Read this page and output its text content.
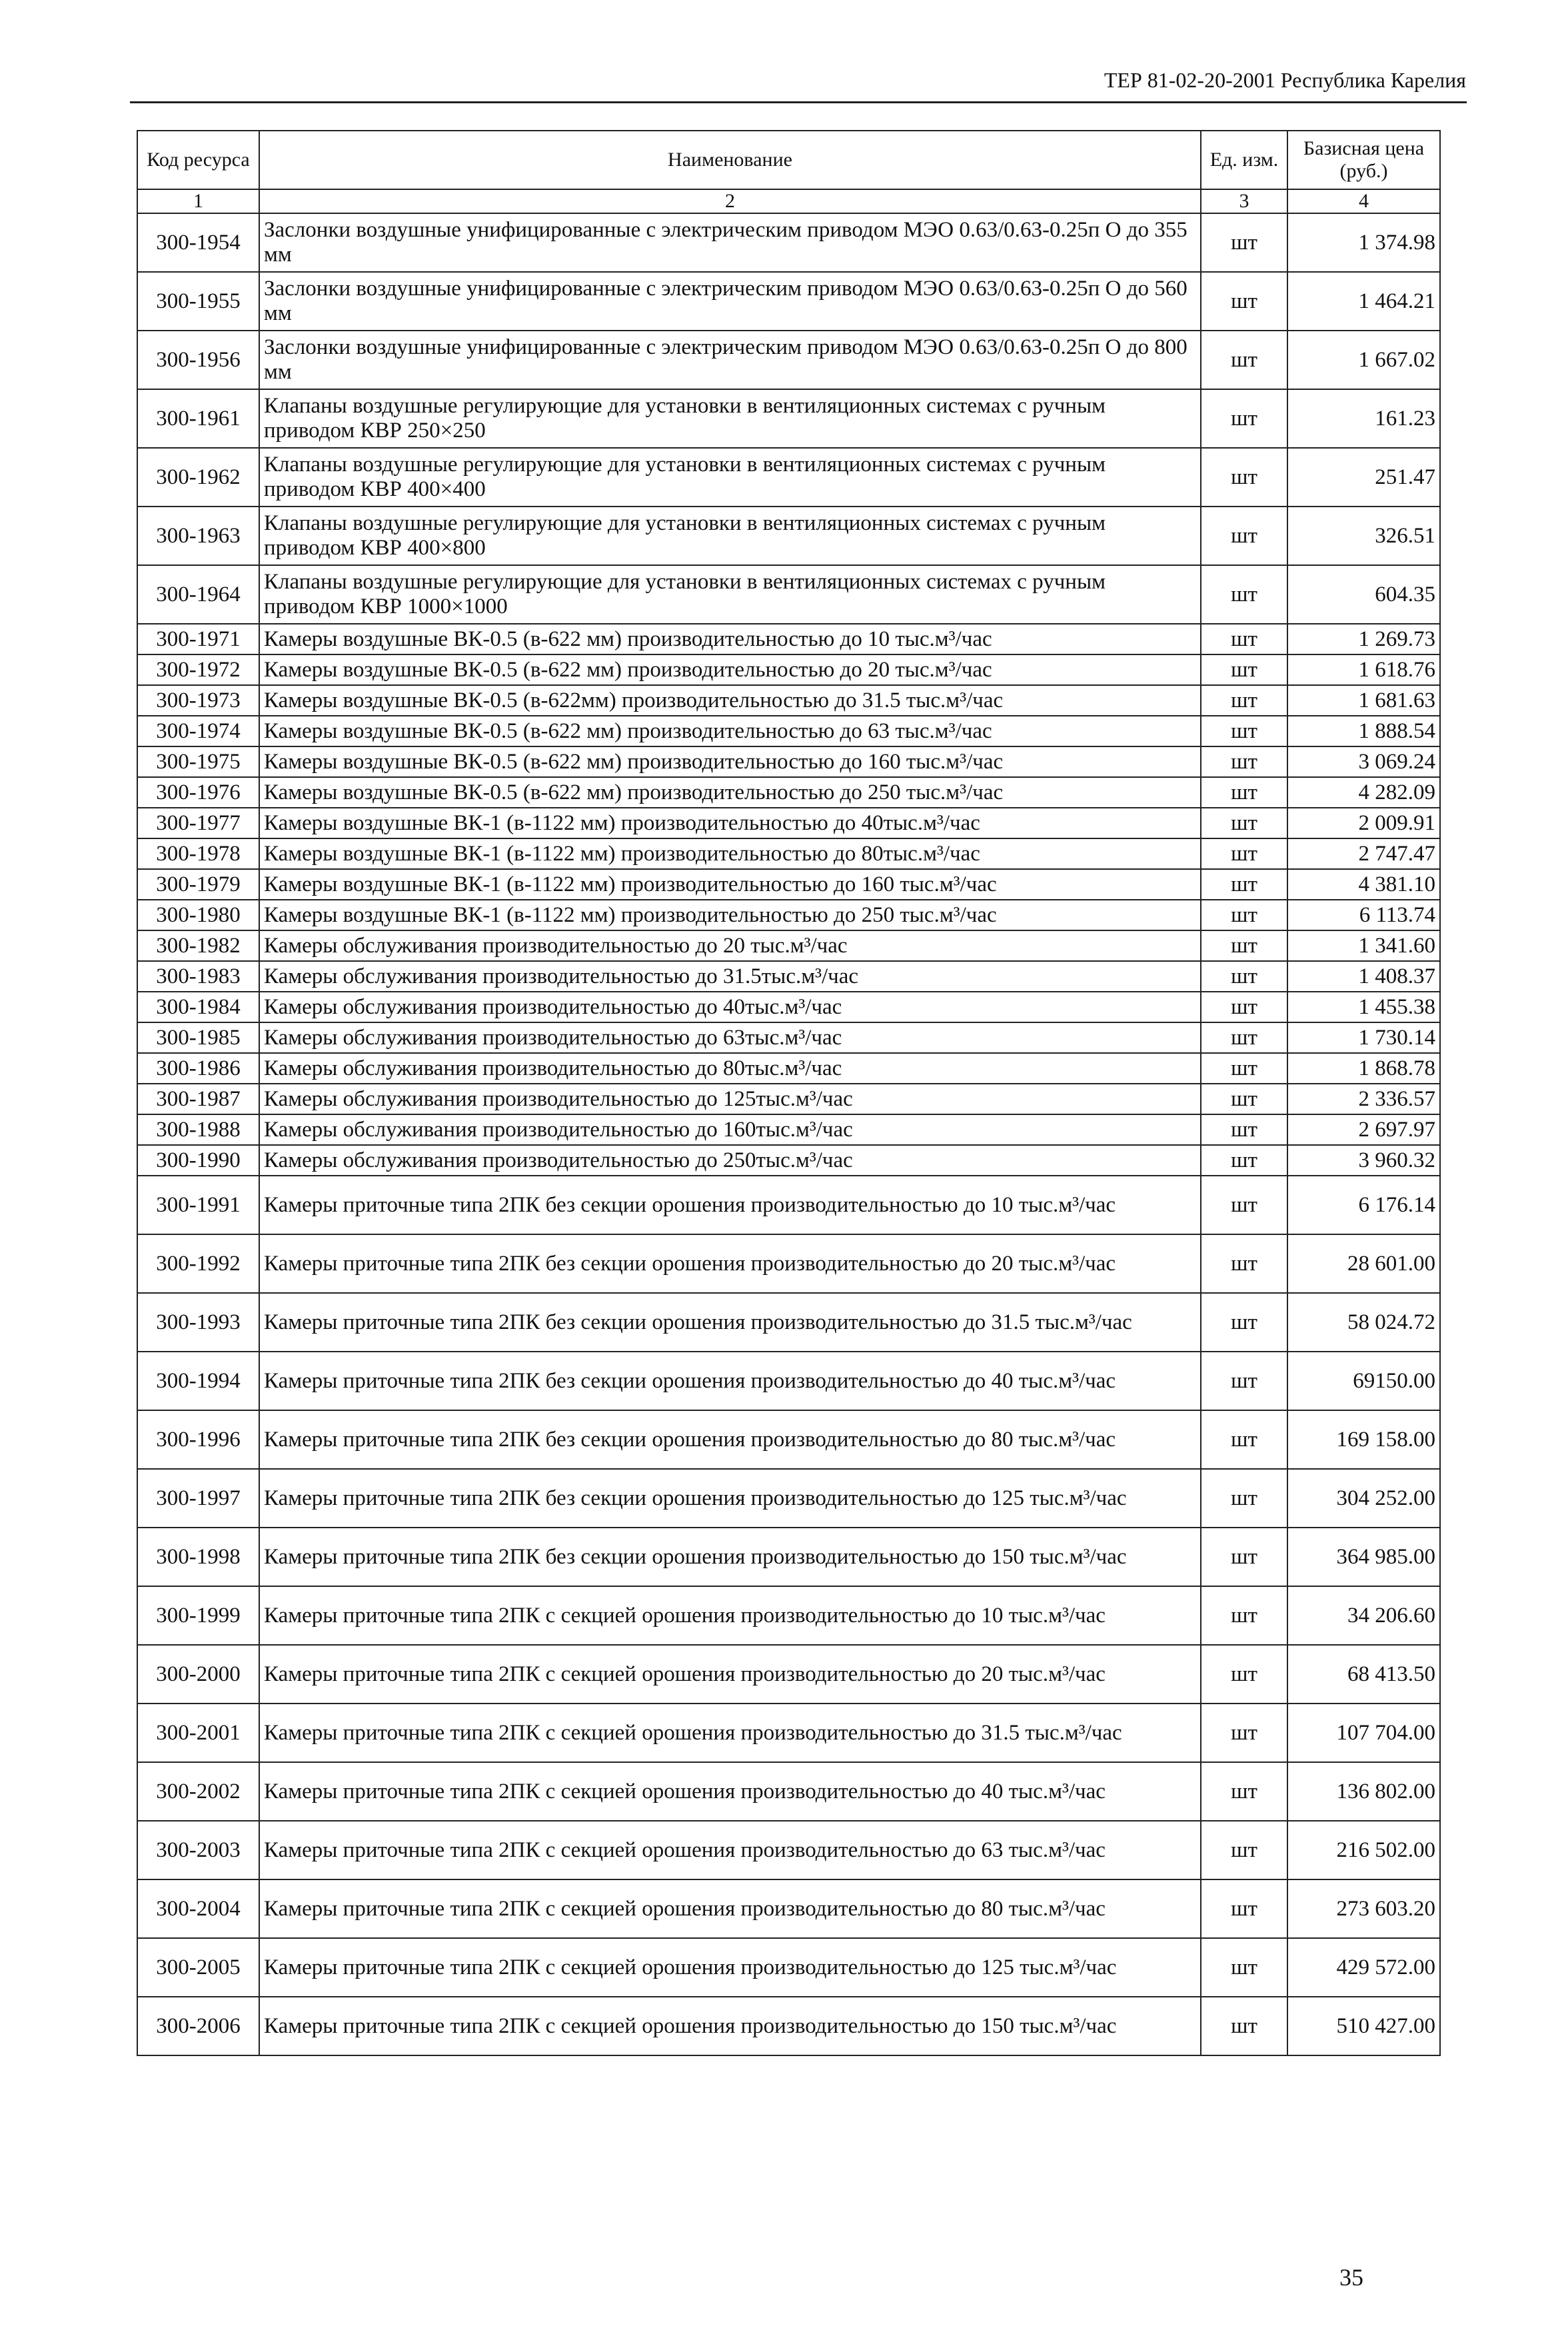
ТЕР 81-02-20-2001 Республика Карелия
Код ресурса	Наименование	Ед. изм.	Базисная цена (руб.)
1	2	3	4
300-1954	Заслонки воздушные унифицированные с электрическим приводом МЭО 0.63/0.63-0.25п О до 355 мм	шт	1 374.98
300-1955	Заслонки воздушные унифицированные с электрическим приводом МЭО 0.63/0.63-0.25п О до 560 мм	шт	1 464.21
300-1956	Заслонки воздушные унифицированные с электрическим приводом МЭО 0.63/0.63-0.25п О до 800 мм	шт	1 667.02
300-1961	Клапаны воздушные регулирующие для установки в вентиляционных системах с ручным приводом КВР 250×250	шт	161.23
300-1962	Клапаны воздушные регулирующие для установки в вентиляционных системах с ручным приводом КВР 400×400	шт	251.47
300-1963	Клапаны воздушные регулирующие для установки в вентиляционных системах с ручным приводом КВР 400×800	шт	326.51
300-1964	Клапаны воздушные регулирующие для установки в вентиляционных системах с ручным приводом КВР 1000×1000	шт	604.35
300-1971	Камеры воздушные ВК-0.5 (в-622 мм) производительностью до 10 тыс.м³/час	шт	1 269.73
300-1972	Камеры воздушные ВК-0.5 (в-622 мм) производительностью до 20 тыс.м³/час	шт	1 618.76
300-1973	Камеры воздушные ВК-0.5 (в-622мм) производительностью до 31.5 тыс.м³/час	шт	1 681.63
300-1974	Камеры воздушные ВК-0.5 (в-622 мм) производительностью до 63 тыс.м³/час	шт	1 888.54
300-1975	Камеры воздушные ВК-0.5 (в-622 мм) производительностью до 160 тыс.м³/час	шт	3 069.24
300-1976	Камеры воздушные ВК-0.5 (в-622 мм) производительностью до 250 тыс.м³/час	шт	4 282.09
300-1977	Камеры воздушные ВК-1 (в-1122 мм) производительностью до 40тыс.м³/час	шт	2 009.91
300-1978	Камеры воздушные ВК-1 (в-1122 мм) производительностью до 80тыс.м³/час	шт	2 747.47
300-1979	Камеры воздушные ВК-1 (в-1122 мм) производительностью до 160 тыс.м³/час	шт	4 381.10
300-1980	Камеры воздушные ВК-1 (в-1122 мм) производительностью до 250 тыс.м³/час	шт	6 113.74
300-1982	Камеры обслуживания производительностью до 20 тыс.м³/час	шт	1 341.60
300-1983	Камеры обслуживания производительностью до 31.5тыс.м³/час	шт	1 408.37
300-1984	Камеры обслуживания производительностью до 40тыс.м³/час	шт	1 455.38
300-1985	Камеры обслуживания производительностью до 63тыс.м³/час	шт	1 730.14
300-1986	Камеры обслуживания производительностью до 80тыс.м³/час	шт	1 868.78
300-1987	Камеры обслуживания производительностью до 125тыс.м³/час	шт	2 336.57
300-1988	Камеры обслуживания производительностью до 160тыс.м³/час	шт	2 697.97
300-1990	Камеры обслуживания производительностью до 250тыс.м³/час	шт	3 960.32
300-1991	Камеры приточные типа 2ПК без секции орошения производительностью до 10 тыс.м³/час	шт	6 176.14
300-1992	Камеры приточные типа 2ПК без секции орошения производительностью до 20 тыс.м³/час	шт	28 601.00
300-1993	Камеры приточные типа 2ПК без секции орошения производительностью до 31.5 тыс.м³/час	шт	58 024.72
300-1994	Камеры приточные типа 2ПК без секции орошения производительностью до 40 тыс.м³/час	шт	69150.00
300-1996	Камеры приточные типа 2ПК без секции орошения производительностью до 80 тыс.м³/час	шт	169 158.00
300-1997	Камеры приточные типа 2ПК без секции орошения производительностью до 125 тыс.м³/час	шт	304 252.00
300-1998	Камеры приточные типа 2ПК без секции орошения производительностью до 150 тыс.м³/час	шт	364 985.00
300-1999	Камеры приточные типа 2ПК с секцией орошения производительностью до 10 тыс.м³/час	шт	34 206.60
300-2000	Камеры приточные типа 2ПК с секцией орошения производительностью до 20 тыс.м³/час	шт	68 413.50
300-2001	Камеры приточные типа 2ПК с секцией орошения производительностью до 31.5 тыс.м³/час	шт	107 704.00
300-2002	Камеры приточные типа 2ПК с секцией орошения производительностью до 40 тыс.м³/час	шт	136 802.00
300-2003	Камеры приточные типа 2ПК с секцией орошения производительностью до 63 тыс.м³/час	шт	216 502.00
300-2004	Камеры приточные типа 2ПК с секцией орошения производительностью до 80 тыс.м³/час	шт	273 603.20
300-2005	Камеры приточные типа 2ПК с секцией орошения производительностью до 125 тыс.м³/час	шт	429 572.00
300-2006	Камеры приточные типа 2ПК с секцией орошения производительностью до 150 тыс.м³/час	шт	510 427.00
35
